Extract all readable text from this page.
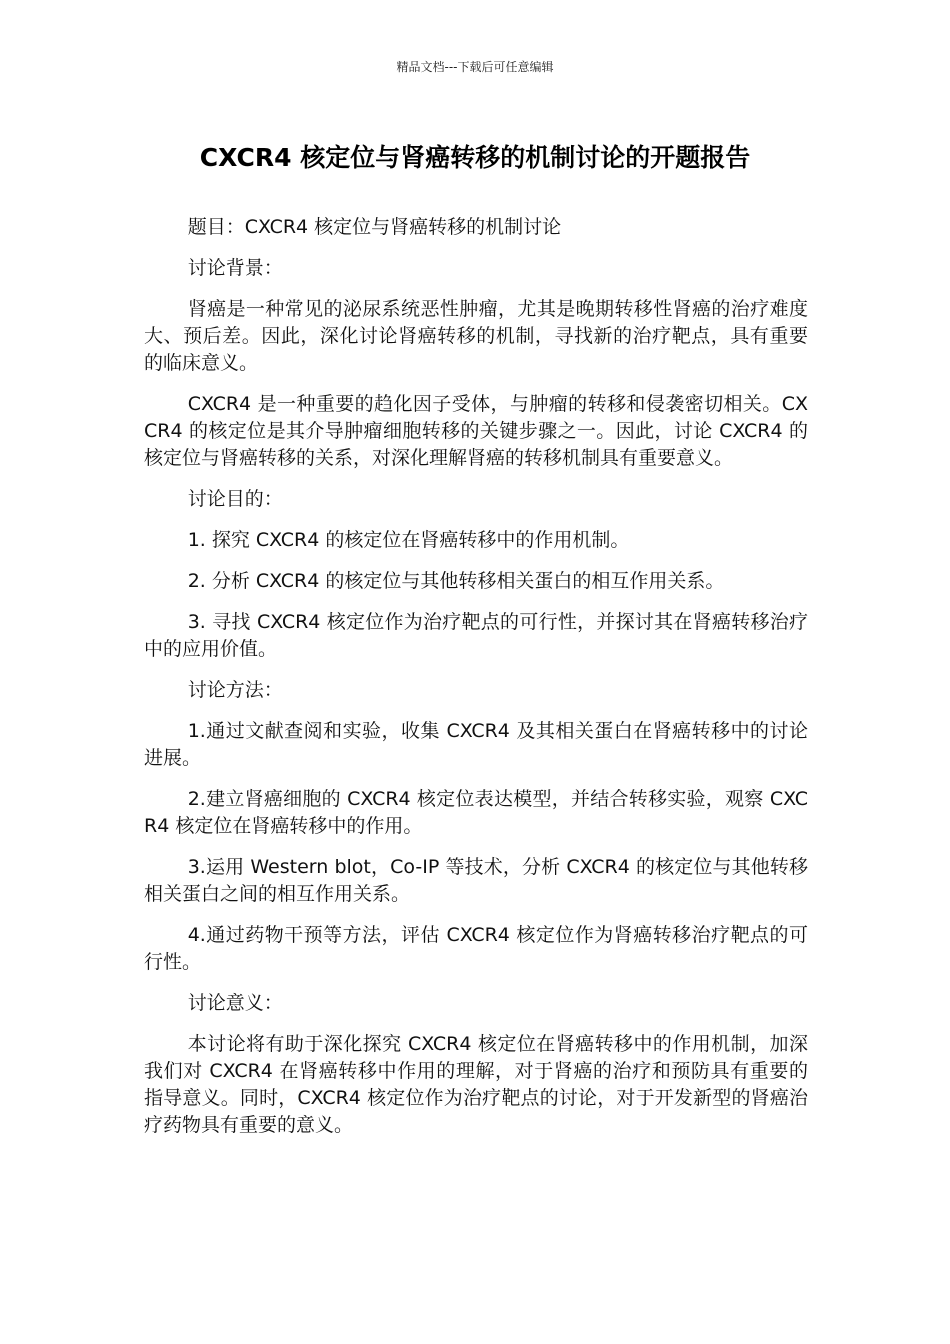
精品文档---下载后可任意编辑
CXCR4 核定位与肾癌转移的机制讨论的开题报告

题目：CXCR4 核定位与肾癌转移的机制讨论

讨论背景：

肾癌是一种常见的泌尿系统恶性肿瘤，尤其是晚期转移性肾癌的治疗难度大、预后差。因此，深化讨论肾癌转移的机制，寻找新的治疗靶点，具有重要的临床意义。

CXCR4 是一种重要的趋化因子受体，与肿瘤的转移和侵袭密切相关。CXCR4 的核定位是其介导肿瘤细胞转移的关键步骤之一。因此，讨论 CXCR4 的核定位与肾癌转移的关系，对深化理解肾癌的转移机制具有重要意义。

讨论目的：

1. 探究 CXCR4 的核定位在肾癌转移中的作用机制。

2. 分析 CXCR4 的核定位与其他转移相关蛋白的相互作用关系。

3. 寻找 CXCR4 核定位作为治疗靶点的可行性，并探讨其在肾癌转移治疗中的应用价值。

讨论方法：

1.通过文献查阅和实验，收集 CXCR4 及其相关蛋白在肾癌转移中的讨论进展。

2.建立肾癌细胞的 CXCR4 核定位表达模型，并结合转移实验，观察 CXCR4 核定位在肾癌转移中的作用。

3.运用 Western blot，Co-IP 等技术，分析 CXCR4 的核定位与其他转移相关蛋白之间的相互作用关系。

4.通过药物干预等方法，评估 CXCR4 核定位作为肾癌转移治疗靶点的可行性。

讨论意义：

本讨论将有助于深化探究 CXCR4 核定位在肾癌转移中的作用机制，加深我们对 CXCR4 在肾癌转移中作用的理解，对于肾癌的治疗和预防具有重要的指导意义。同时，CXCR4 核定位作为治疗靶点的讨论，对于开发新型的肾癌治疗药物具有重要的意义。
